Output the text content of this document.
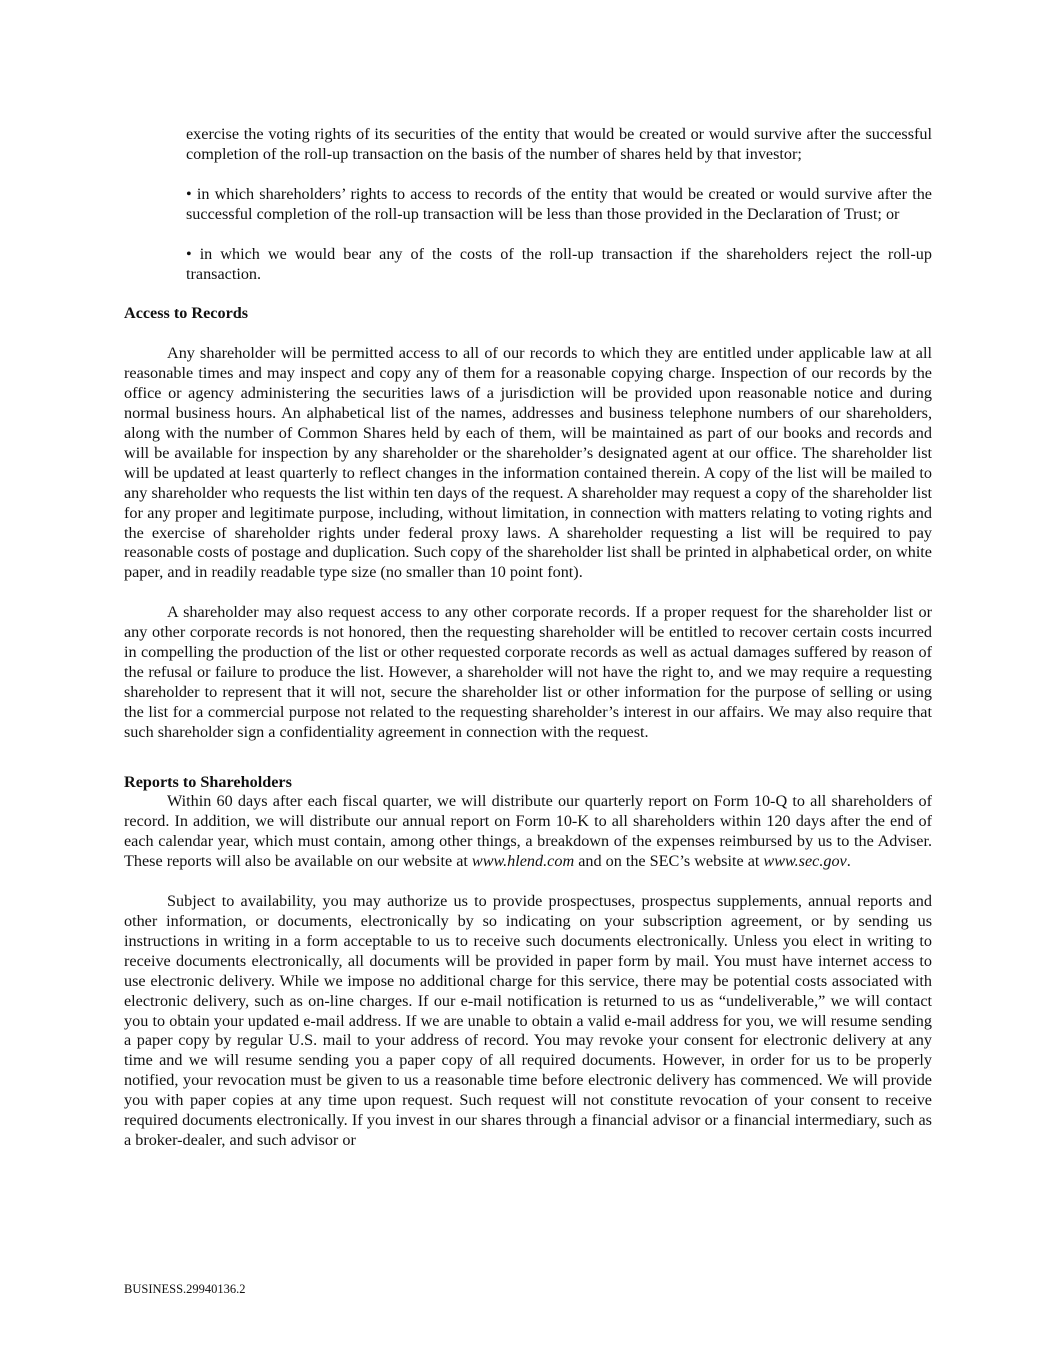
exercise the voting rights of its securities of the entity that would be created or would survive after the successful completion of the roll-up transaction on the basis of the number of shares held by that investor;

• in which shareholders’ rights to access to records of the entity that would be created or would survive after the successful completion of the roll-up transaction will be less than those provided in the Declaration of Trust; or

• in which we would bear any of the costs of the roll-up transaction if the shareholders reject the roll-up transaction.

Access to Records

Any shareholder will be permitted access to all of our records to which they are entitled under applicable law at all reasonable times and may inspect and copy any of them for a reasonable copying charge. Inspection of our records by the office or agency administering the securities laws of a jurisdiction will be provided upon reasonable notice and during normal business hours. An alphabetical list of the names, addresses and business telephone numbers of our shareholders, along with the number of Common Shares held by each of them, will be maintained as part of our books and records and will be available for inspection by any shareholder or the shareholder’s designated agent at our office. The shareholder list will be updated at least quarterly to reflect changes in the information contained therein. A copy of the list will be mailed to any shareholder who requests the list within ten days of the request. A shareholder may request a copy of the shareholder list for any proper and legitimate purpose, including, without limitation, in connection with matters relating to voting rights and the exercise of shareholder rights under federal proxy laws. A shareholder requesting a list will be required to pay reasonable costs of postage and duplication. Such copy of the shareholder list shall be printed in alphabetical order, on white paper, and in readily readable type size (no smaller than 10 point font).

A shareholder may also request access to any other corporate records. If a proper request for the shareholder list or any other corporate records is not honored, then the requesting shareholder will be entitled to recover certain costs incurred in compelling the production of the list or other requested corporate records as well as actual damages suffered by reason of the refusal or failure to produce the list. However, a shareholder will not have the right to, and we may require a requesting shareholder to represent that it will not, secure the shareholder list or other information for the purpose of selling or using the list for a commercial purpose not related to the requesting shareholder’s interest in our affairs. We may also require that such shareholder sign a confidentiality agreement in connection with the request.

Reports to Shareholders

Within 60 days after each fiscal quarter, we will distribute our quarterly report on Form 10-Q to all shareholders of record. In addition, we will distribute our annual report on Form 10-K to all shareholders within 120 days after the end of each calendar year, which must contain, among other things, a breakdown of the expenses reimbursed by us to the Adviser. These reports will also be available on our website at www.hlend.com and on the SEC’s website at www.sec.gov.

Subject to availability, you may authorize us to provide prospectuses, prospectus supplements, annual reports and other information, or documents, electronically by so indicating on your subscription agreement, or by sending us instructions in writing in a form acceptable to us to receive such documents electronically. Unless you elect in writing to receive documents electronically, all documents will be provided in paper form by mail. You must have internet access to use electronic delivery. While we impose no additional charge for this service, there may be potential costs associated with electronic delivery, such as on-line charges. If our e-mail notification is returned to us as “undeliverable,” we will contact you to obtain your updated e-mail address. If we are unable to obtain a valid e-mail address for you, we will resume sending a paper copy by regular U.S. mail to your address of record. You may revoke your consent for electronic delivery at any time and we will resume sending you a paper copy of all required documents. However, in order for us to be properly notified, your revocation must be given to us a reasonable time before electronic delivery has commenced. We will provide you with paper copies at any time upon request. Such request will not constitute revocation of your consent to receive required documents electronically. If you invest in our shares through a financial advisor or a financial intermediary, such as a broker-dealer, and such advisor or

BUSINESS.29940136.2
